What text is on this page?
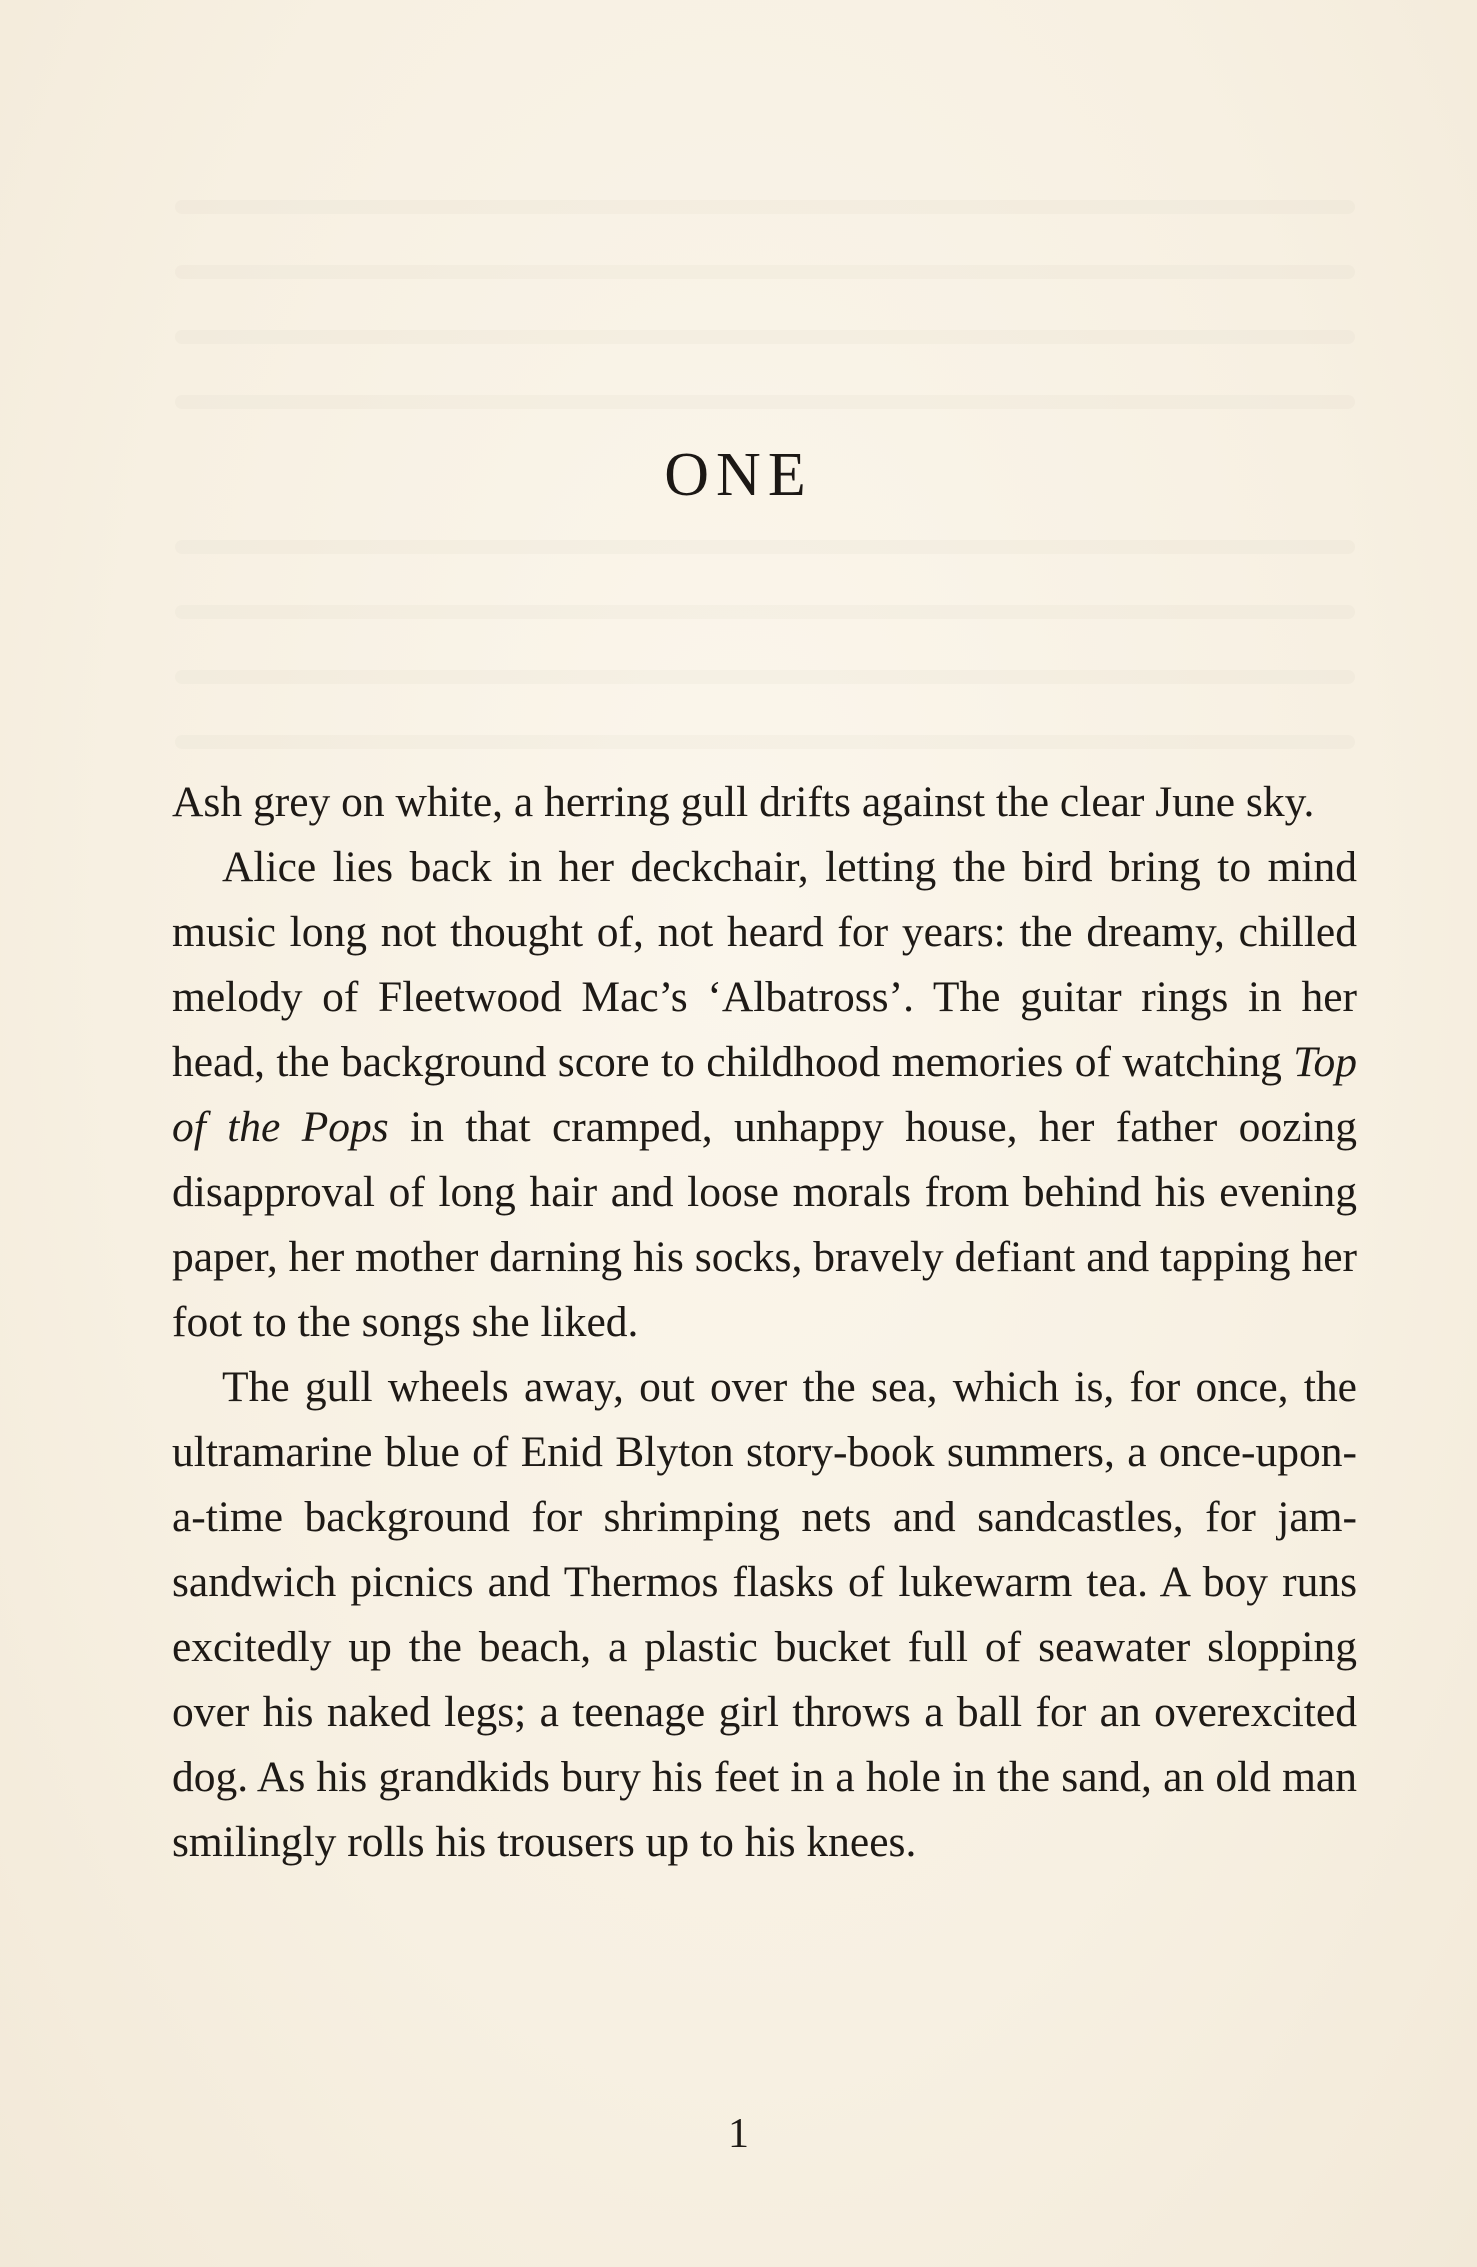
ONE

Ash grey on white, a herring gull drifts against the clear June sky.

Alice lies back in her deckchair, letting the bird bring to mind music long not thought of, not heard for years: the dreamy, chilled melody of Fleetwood Mac’s ‘Albatross’. The guitar rings in her head, the background score to childhood memories of watching Top of the Pops in that cramped, unhappy house, her father oozing disapproval of long hair and loose morals from behind his evening paper, her mother darning his socks, bravely defiant and tapping her foot to the songs she liked.

The gull wheels away, out over the sea, which is, for once, the ultramarine blue of Enid Blyton story-book summers, a once-upon-a-time background for shrimping nets and sandcastles, for jam-sandwich picnics and Thermos flasks of lukewarm tea. A boy runs excitedly up the beach, a plastic bucket full of seawater slopping over his naked legs; a teenage girl throws a ball for an overexcited dog. As his grandkids bury his feet in a hole in the sand, an old man smilingly rolls his trousers up to his knees.

1
